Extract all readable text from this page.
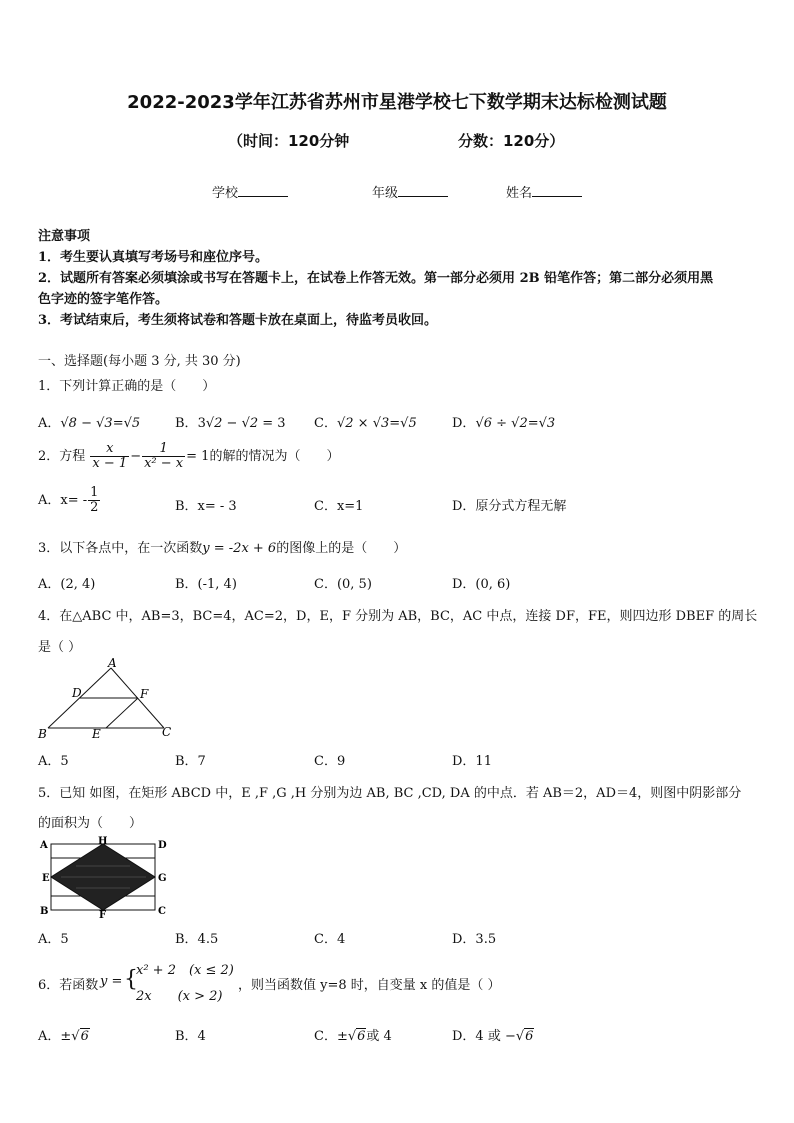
2022-2023学年江苏省苏州市星港学校七下数学期末达标检测试题
（时间：120分钟	分数：120分）
学校	年级	姓名
注意事项
1．考生要认真填写考场号和座位序号。
2．试题所有答案必须填涂或书写在答题卡上，在试卷上作答无效。第一部分必须用 2B 铅笔作答；第二部分必须用黑
色字迹的签字笔作答。
3．考试结束后，考生须将试卷和答题卡放在桌面上，待监考员收回。
一、选择题(每小题 3 分, 共 30 分)
1．下列计算正确的是（　　）
A．√8 − √3=√5	B．3√2 − √2 = 3 C．√2 × √3=√5	D．√6 ÷ √2=√3
2．方程 $\frac{x}{x - 1} - \frac{1}{\text{x² − x}} = 1$的解的情况为（　　）
A．$x= - \frac{1}{2}$	B．x= - 3	C．x=1	D．原分式方程无解
3．以下各点中，在一次函数y = -2x + 6的图像上的是（　　）
A．(2, 4)	B．(-1, 4)	C．(0, 5)	D．(0, 6)
4．在△ABC 中，AB=3，BC=4，AC=2，D，E，F 分别为 AB，BC，AC 中点，连接 DF，FE，则四边形 DBEF 的周长
是（ ）
A
D	F
B	E	C
A．5	B．7	C．9	D．11
5．已知 如图，在矩形 ABCD 中，E ,F ,G ,H 分别为边 AB, BC ,CD, DA 的中点．若 AB＝2，AD＝4，则图中阴影部分
的面积为（　　）
A	H	D
E	G
B	F	C
A．5	B．4.5	C．4	D．3.5
6．若函数 y = {
x² + 2　(x ≤ 2)
2x　　(x > 2)
，则当函数值 y=8 时，自变量 x 的值是（ ）
A．±√6	B．4	C．±√6或 4	D．4 或 −√6
